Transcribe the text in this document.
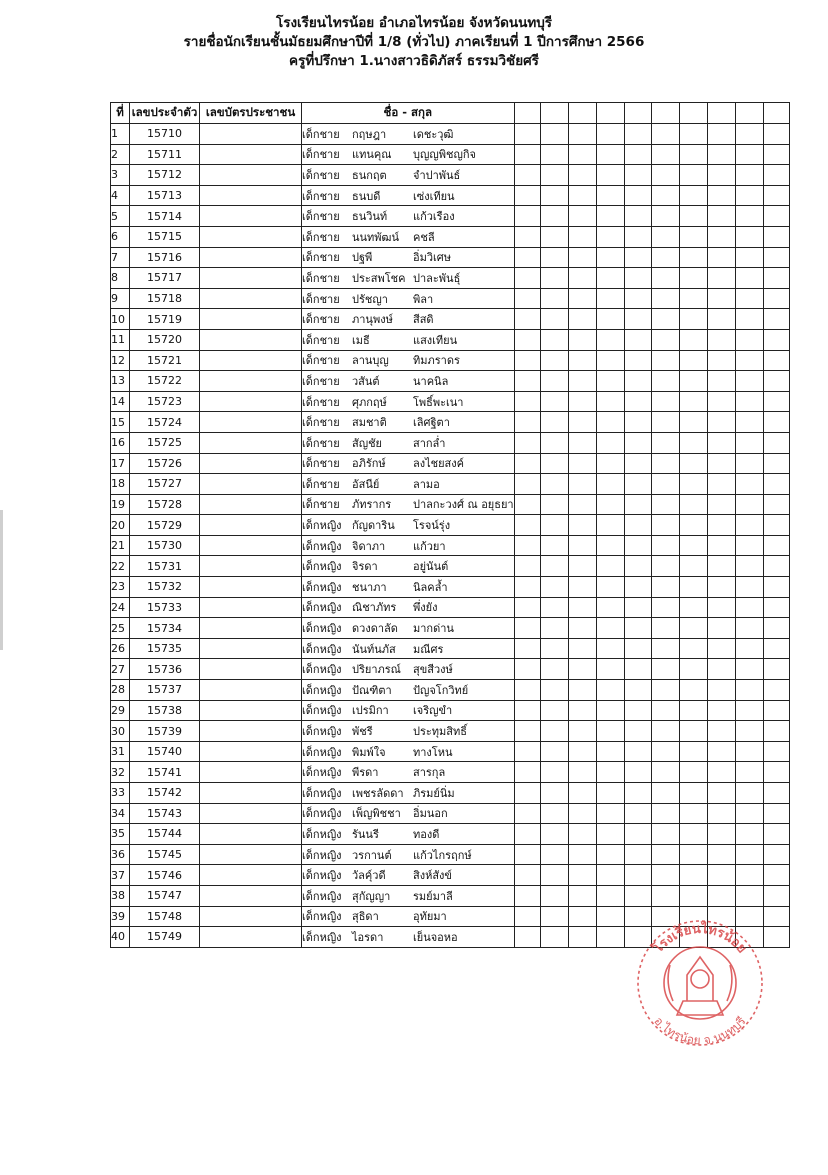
โรงเรียนไทรน้อย อำเภอไทรน้อย จังหวัดนนทบุรี
รายชื่อนักเรียนชั้นมัธยมศึกษาปีที่ 1/8 (ทั่วไป) ภาคเรียนที่ 1 ปีการศึกษา 2566
ครูที่ปรึกษา 1.นางสาวธิดิภัสร์ ธรรมวิชัยศรี
ที่	เลขประจำตัว	เลขบัตรประชาชน	ชื่อ - สกุล										
1	15710		เด็กชาย กฤษฎา เดชะวุฒิ										
2	15711		เด็กชาย แทนคุณ บุญญพิชญกิจ										
3	15712		เด็กชาย ธนกฤต จำปาพันธ์										
4	15713		เด็กชาย ธนบดี เซ่งเทียน										
5	15714		เด็กชาย ธนวินท์ แก้วเรือง										
6	15715		เด็กชาย นนทพัฒน์ คชลี										
7	15716		เด็กชาย ปฐพี อิ่มวิเศษ										
8	15717		เด็กชาย ประสพโชค ปาละพันธุ์										
9	15718		เด็กชาย ปรัชญา พิลา										
10	15719		เด็กชาย ภานุพงษ์ สีสดิ										
11	15720		เด็กชาย เมธี แสงเทียน										
12	15721		เด็กชาย ลานบุญ ทิมภราดร										
13	15722		เด็กชาย วสันต์ นาคนิล										
14	15723		เด็กชาย ศุภกฤษ์ โพธิ์พะเนา										
15	15724		เด็กชาย สมชาติ เลิศฐิตา										
16	15725		เด็กชาย สัญชัย สากล่ำ										
17	15726		เด็กชาย อภิรักษ์ ลงไชยสงค์										
18	15727		เด็กชาย อัสนีย์ ลามอ										
19	15728		เด็กชาย ภัทรากร ปาลกะวงศ์ ณ อยุธยา										
20	15729		เด็กหญิง กัญดาริน โรจน์รุ่ง										
21	15730		เด็กหญิง จิดาภา แก้วยา										
22	15731		เด็กหญิง จิรดา อยู่นันต์										
23	15732		เด็กหญิง ชนาภา นิลคล้ำ										
24	15733		เด็กหญิง ณิชาภัทร พึ่งยัง										
25	15734		เด็กหญิง ดวงดาลัด มากด่าน										
26	15735		เด็กหญิง นันท์นภัส มณีศร										
27	15736		เด็กหญิง ปริยาภรณ์ สุขสีวงษ์										
28	15737		เด็กหญิง ปัณฑิตา ปัญจโกวิทย์										
29	15738		เด็กหญิง เปรมิกา เจริญขำ										
30	15739		เด็กหญิง พัชรี ประทุมสิทธิ์										
31	15740		เด็กหญิง พิมพ์ใจ ทางโหน										
32	15741		เด็กหญิง พีรดา สารกุล										
33	15742		เด็กหญิง เพชรลัดดา ภิรมย์นิ่ม										
34	15743		เด็กหญิง เพ็ญพิชชา อิ่มนอก										
35	15744		เด็กหญิง รันนรี ทองดี										
36	15745		เด็กหญิง วรกานต์ แก้วไกรฤกษ์										
37	15746		เด็กหญิง วัลคุ์วดี สิงห์สังข์										
38	15747		เด็กหญิง สุกัญญา รมย์มาลี										
39	15748		เด็กหญิง สุธิดา อุทัยมา										
40	15749		เด็กหญิง ไอรดา เย็นจอหอ										
โรงเรียนไทรน้อย
อ.ไทรน้อย จ.นนทบุรี
